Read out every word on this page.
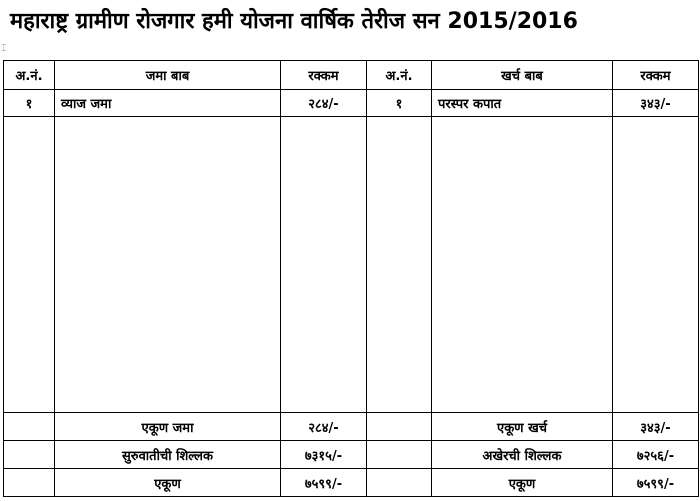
महाराष्ट्र ग्रामीण रोजगार हमी योजना वार्षिक तेरीज सन 2015/2016
⌶
अ.नं.	जमा बाब	रक्कम	अ.नं.	खर्च बाब	रक्कम
१	व्याज जमा	२८४/-	१	परस्पर कपात	३४३/-

	एकूण जमा	२८४/-		एकूण खर्च	३४३/-
	सुरुवातीची शिल्लक	७३१५/-		अखेरची शिल्लक	७२५६/-
	एकूण	७५९९/-		एकूण	७५९९/-
